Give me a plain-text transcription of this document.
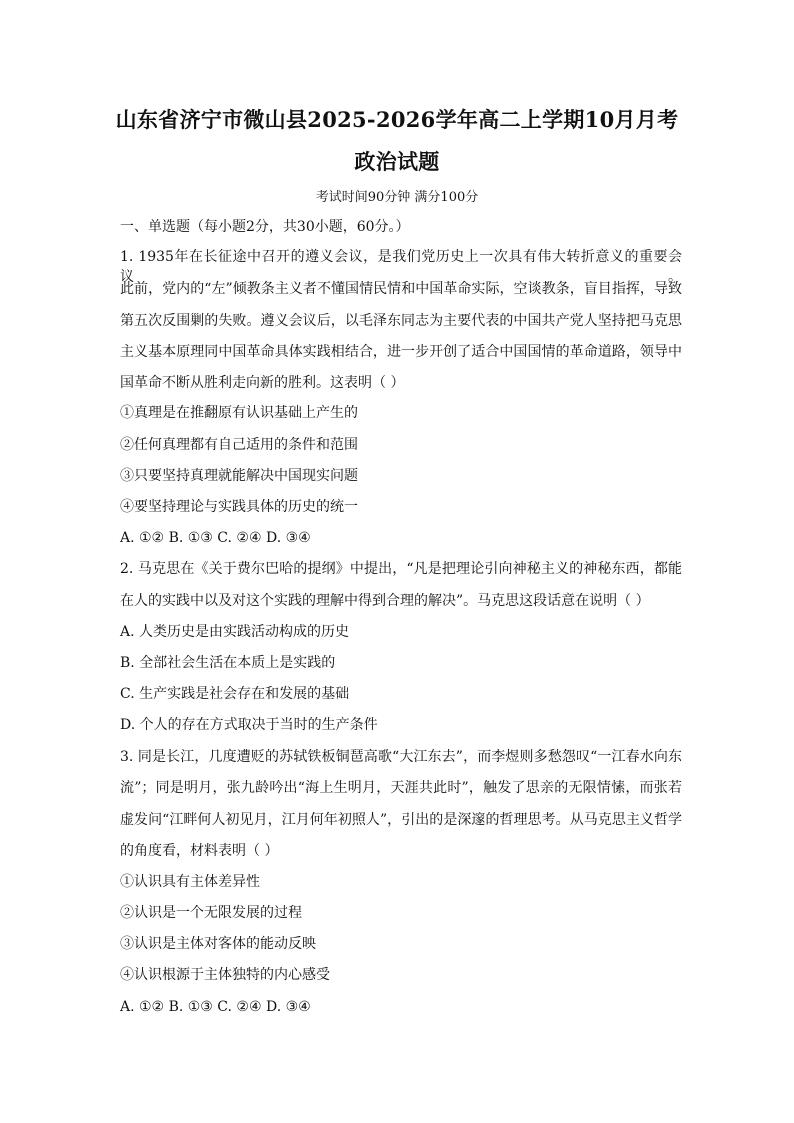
山东省济宁市微山县2025-2026学年高二上学期10月月考
政治试题
考试时间90分钟 满分100分
一、单选题（每小题2分，共30小题，60分。）
1. 1935年在长征途中召开的遵义会议，是我们党历史上一次具有伟大转折意义的重要会议。
此前，党内的“左”倾教条主义者不懂国情民情和中国革命实际，空谈教条，盲目指挥，导致
第五次反围剿的失败。遵义会议后，以毛泽东同志为主要代表的中国共产党人坚持把马克思
主义基本原理同中国革命具体实践相结合，进一步开创了适合中国国情的革命道路，领导中
国革命不断从胜利走向新的胜利。这表明（ ）
①真理是在推翻原有认识基础上产生的
②任何真理都有自己适用的条件和范围
③只要坚持真理就能解决中国现实问题
④要坚持理论与实践具体的历史的统一
A. ①② B. ①③ C. ②④ D. ③④
2. 马克思在《关于费尔巴哈的提纲》中提出，“凡是把理论引向神秘主义的神秘东西，都能
在人的实践中以及对这个实践的理解中得到合理的解决”。马克思这段话意在说明（ ）
A. 人类历史是由实践活动构成的历史
B. 全部社会生活在本质上是实践的
C. 生产实践是社会存在和发展的基础
D. 个人的存在方式取决于当时的生产条件
3. 同是长江，几度遭贬的苏轼铁板铜琶高歌“大江东去”，而李煜则多愁怨叹“一江春水向东
流”；同是明月，张九龄吟出“海上生明月，天涯共此时”，触发了思亲的无限情愫，而张若
虚发问“江畔何人初见月，江月何年初照人”，引出的是深邃的哲理思考。从马克思主义哲学
的角度看，材料表明（ ）
①认识具有主体差异性
②认识是一个无限发展的过程
③认识是主体对客体的能动反映
④认识根源于主体独特的内心感受
A. ①② B. ①③ C. ②④ D. ③④
